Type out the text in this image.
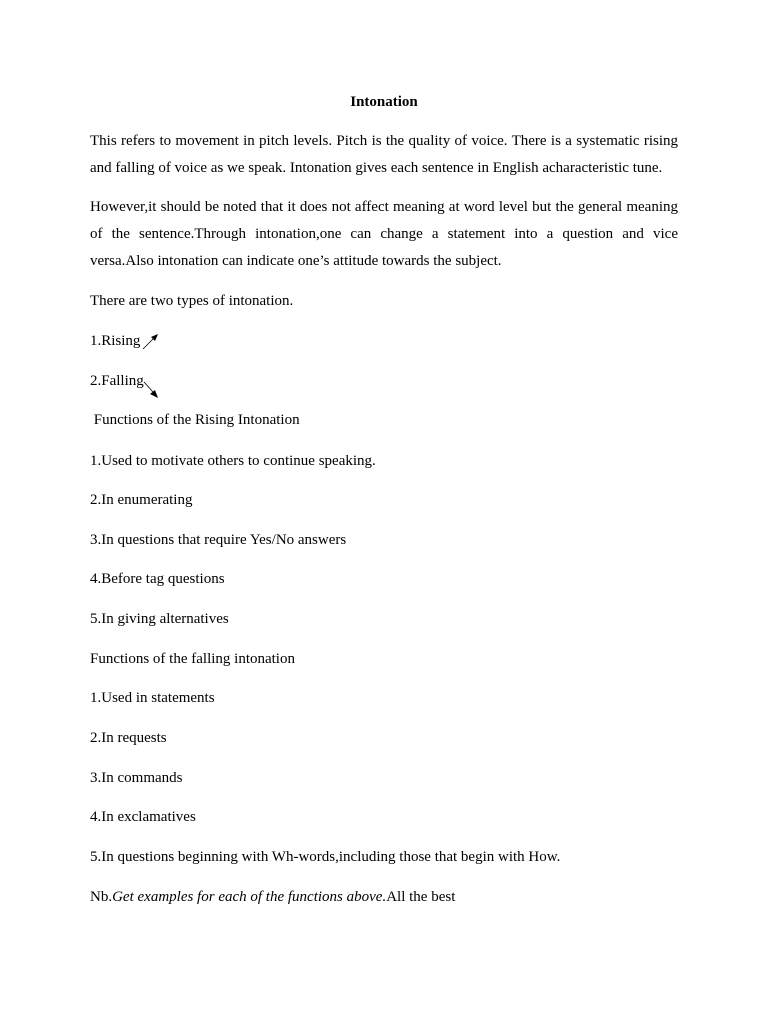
Intonation
This refers to movement in pitch levels. Pitch is the quality of voice. There is a systematic rising
and falling of voice as we speak. Intonation gives each sentence in English acharacteristic tune.
However,it should be noted that it does not affect meaning at word level but the general meaning
of the sentence.Through intonation,one can change a statement into a question and vice
versa.Also intonation can indicate one’s attitude towards the subject.
There are two types of intonation.
1.Rising
2.Falling
Functions of the Rising Intonation
1.Used to motivate others to continue speaking.
2.In enumerating
3.In questions that require Yes/No answers
4.Before tag questions
5.In giving alternatives
Functions of the falling intonation
1.Used in statements
2.In requests
3.In commands
4.In exclamatives
5.In questions beginning with Wh-words,including those that begin with How.
Nb.Get examples for each of the functions above.All the best
